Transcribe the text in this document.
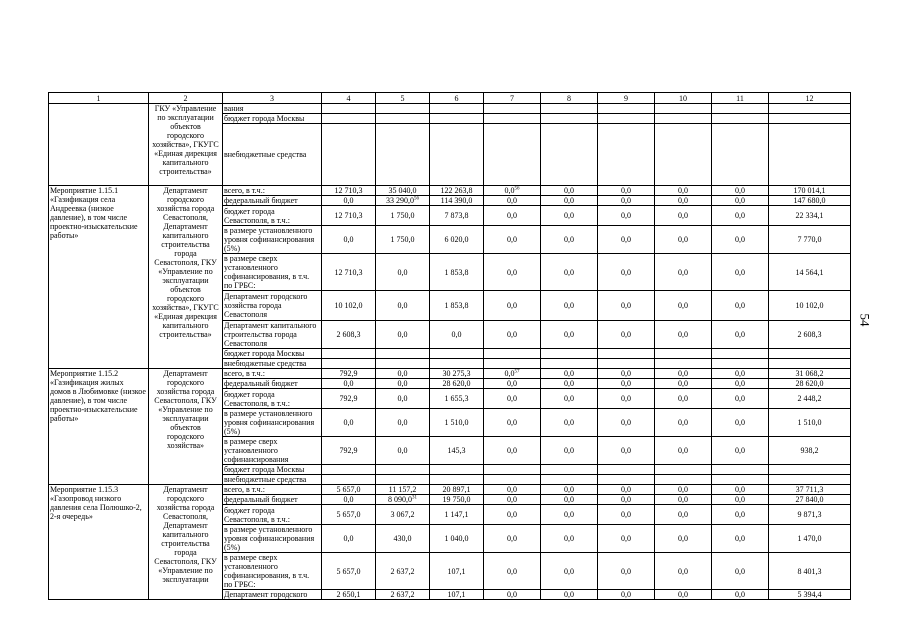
54
1	2	3	4	5	6	7	8	9	10	11	12
	ГКУ «Управление по эксплуатации объектов городского хозяйства», ГКУГС «Единая дирекция капитального строительства»	вания									
		бюджет города Москвы									
		внебюджетные средства									
Мероприятие 1.15.1 «Газификация села Андреевка (низкое давление), в том числе проектно-изыскательские работы»	Департамент городского хозяйства города Севастополя, Департамент капитального строительства города Севастополя, ГКУ «Управление по эксплуатации объектов городского хозяйства», ГКУГС «Единая дирекция капитального строительства»	всего, в т.ч.:	12 710,3	35 040,0	122 263,8	$0,0^{56}$	0,0	0,0	0,0	0,0	170 014,1
		федеральный бюджет	0,0	33 290,0$^{56}$	114 390,0	0,0	0,0	0,0	0,0	0,0	147 680,0
		бюджет города Севастополя, в т.ч.:	12 710,3	1 750,0	7 873,8	0,0	0,0	0,0	0,0	0,0	22 334,1
		в размере установленного уровня софинансирования (5%)	0,0	1 750,0	6 020,0	0,0	0,0	0,0	0,0	0,0	7 770,0
		в размере сверх установленного софинансирования, в т.ч. по ГРБС:	12 710,3	0,0	1 853,8	0,0	0,0	0,0	0,0	0,0	14 564,1
		Департамент городского хозяйства города Севастополя	10 102,0	0,0	1 853,8	0,0	0,0	0,0	0,0	0,0	10 102,0
		Департамент капитального строительства города Севастополя	2 608,3	0,0	0,0	0,0	0,0	0,0	0,0	0,0	2 608,3
		бюджет города Москвы									
		внебюджетные средства									
Мероприятие 1.15.2 «Газификация жилых домов в Любимовке (низкое давление), в том числе проектно-изыскательские работы»	Департамент городского хозяйства города Севастополя, ГКУ «Управление по эксплуатации объектов городского хозяйства»	всего, в т.ч.:	792,9	0,0	30 275,3	$0,0^{57}$	0,0	0,0	0,0	0,0	31 068,2
		федеральный бюджет	0,0	0,0	28 620,0	0,0	0,0	0,0	0,0	0,0	28 620,0
		бюджет города Севастополя, в т.ч.:	792,9	0,0	1 655,3	0,0	0,0	0,0	0,0	0,0	2 448,2
		в размере установленного уровня софинансирования (5%)	0,0	0,0	1 510,0	0,0	0,0	0,0	0,0	0,0	1 510,0
		в размере сверх установленного софинансирования	792,9	0,0	145,3	0,0	0,0	0,0	0,0	0,0	938,2
		бюджет города Москвы									
		внебюджетные средства									
Мероприятие 1.15.3 «Газопровод низкого давления села Полюшко-2, 2-я очередь»	Департамент городского хозяйства города Севастополя, Департамент капитального строительства города Севастополя, ГКУ «Управление по эксплуатации	всего, в т.ч.:	5 657,0	11 157,2	20 897,1	0,0	0,0	0,0	0,0	0,0	37 711,3
		федеральный бюджет	0,0	8 090,0$^{31}$	19 750,0	0,0	0,0	0,0	0,0	0,0	27 840,0
		бюджет города Севастополя, в т.ч.:	5 657,0	3 067,2	1 147,1	0,0	0,0	0,0	0,0	0,0	9 871,3
		в размере установленного уровня софинансирования (5%)	0,0	430,0	1 040,0	0,0	0,0	0,0	0,0	0,0	1 470,0
		в размере сверх установленного софинансирования, в т.ч. по ГРБС:	5 657,0	2 637,2	107,1	0,0	0,0	0,0	0,0	0,0	8 401,3
		Департамент городского	2 650,1	2 637,2	107,1	0,0	0,0	0,0	0,0	0,0	5 394,4
